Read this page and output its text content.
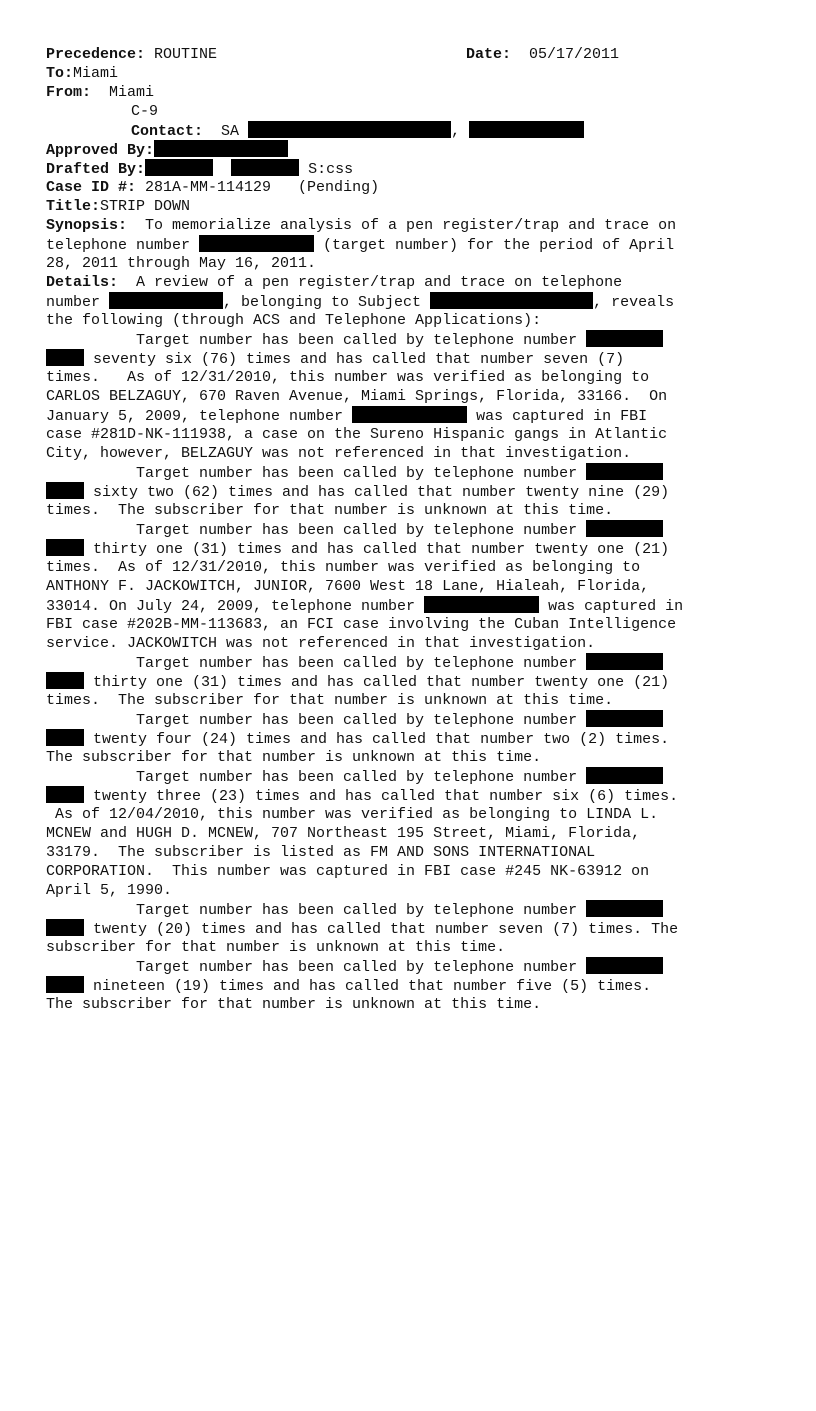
Precedence: ROUTINE

	Date: 05/17/2011

To:Miami

From: Miami

C-9

Contact: SA	,

Approved By:

Drafted By:	S:css

Case ID #: 281A-MM-114129   (Pending)

Title:STRIP DOWN

Synopsis:  To memorialize analysis of a pen register/trap and trace on

telephone number	(target number) for the period of April

28, 2011 through May 16, 2011.

Details:  A review of a pen register/trap and trace on telephone

number	, belonging to Subject	, reveals

the following (through ACS and Telephone Applications):

Target number has been called by telephone number

seventy six (76) times and has called that number seven (7)

times.   As of 12/31/2010, this number was verified as belonging to

CARLOS BELZAGUY, 670 Raven Avenue, Miami Springs, Florida, 33166.  On

January 5, 2009, telephone number	was captured in FBI

case #281D-NK-111938, a case on the Sureno Hispanic gangs in Atlantic

City, however, BELZAGUY was not referenced in that investigation.

Target number has been called by telephone number

sixty two (62) times and has called that number twenty nine (29)

times.  The subscriber for that number is unknown at this time.

Target number has been called by telephone number

thirty one (31) times and has called that number twenty one (21)

times.  As of 12/31/2010, this number was verified as belonging to

ANTHONY F. JACKOWITCH, JUNIOR, 7600 West 18 Lane, Hialeah, Florida,

33014. On July 24, 2009, telephone number	was captured in

FBI case #202B-MM-113683, an FCI case involving the Cuban Intelligence

service. JACKOWITCH was not referenced in that investigation.

Target number has been called by telephone number

thirty one (31) times and has called that number twenty one (21)

times.  The subscriber for that number is unknown at this time.

Target number has been called by telephone number

twenty four (24) times and has called that number two (2) times.

The subscriber for that number is unknown at this time.

Target number has been called by telephone number

twenty three (23) times and has called that number six (6) times.

As of 12/04/2010, this number was verified as belonging to LINDA L.

MCNEW and HUGH D. MCNEW, 707 Northeast 195 Street, Miami, Florida,

33179.  The subscriber is listed as FM AND SONS INTERNATIONAL

CORPORATION.  This number was captured in FBI case #245 NK-63912 on

April 5, 1990.

Target number has been called by telephone number

twenty (20) times and has called that number seven (7) times. The

subscriber for that number is unknown at this time.

Target number has been called by telephone number

nineteen (19) times and has called that number five (5) times.

The subscriber for that number is unknown at this time.
